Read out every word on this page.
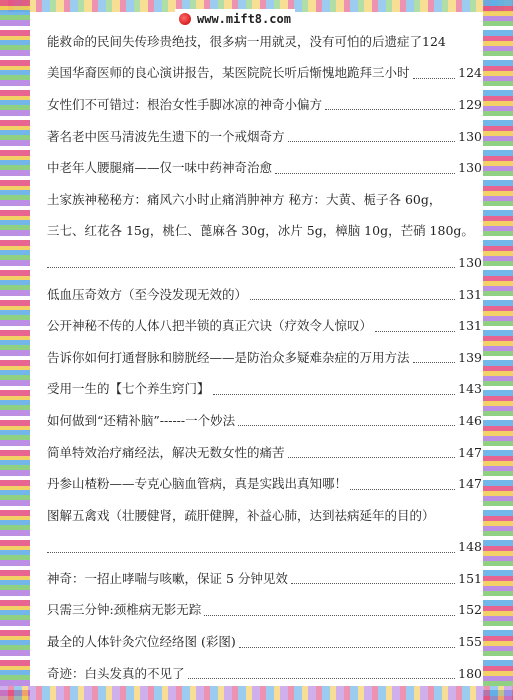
www.mift8.com
能救命的民间失传珍贵绝技，很多病一用就灵，没有可怕的后遗症了 124
美国华裔医师的良心演讲报告，某医院院长听后惭愧地跪拜三小时	124
女性们不可错过：根治女性手脚冰凉的神奇小偏方	129
著名老中医马清波先生遗下的一个戒烟奇方	130
中老年人腰腿痛——仅一味中药神奇治愈	130
土家族神秘秘方：痛风六小时止痛消肿神方 秘方：大黄、栀子各 60g，
三七、红花各 15g，桃仁、蓖麻各 30g，冰片 5g，樟脑 10g，芒硝 180g。
130
低血压奇效方（至今没发现无效的）	131
公开神秘不传的人体八把半锁的真正穴诀（疗效令人惊叹）	131
告诉你如何打通督脉和膀胱经——是防治众多疑难杂症的万用方法	139
受用一生的【七个养生窍门】	143
如何做到“还精补脑”------一个妙法	146
简单特效治疗痛经法，解决无数女性的痛苦	147
丹参山楂粉——专克心脑血管病，真是实践出真知哪！	147
图解五禽戏（壮腰健肾，疏肝健脾，补益心肺，达到祛病延年的目的）
148
神奇：一招止哮喘与咳嗽，保证 5 分钟见效	151
只需三分钟:颈椎病无影无踪	152
最全的人体针灸穴位经络图 (彩图)	155
奇迹：白头发真的不见了	180
